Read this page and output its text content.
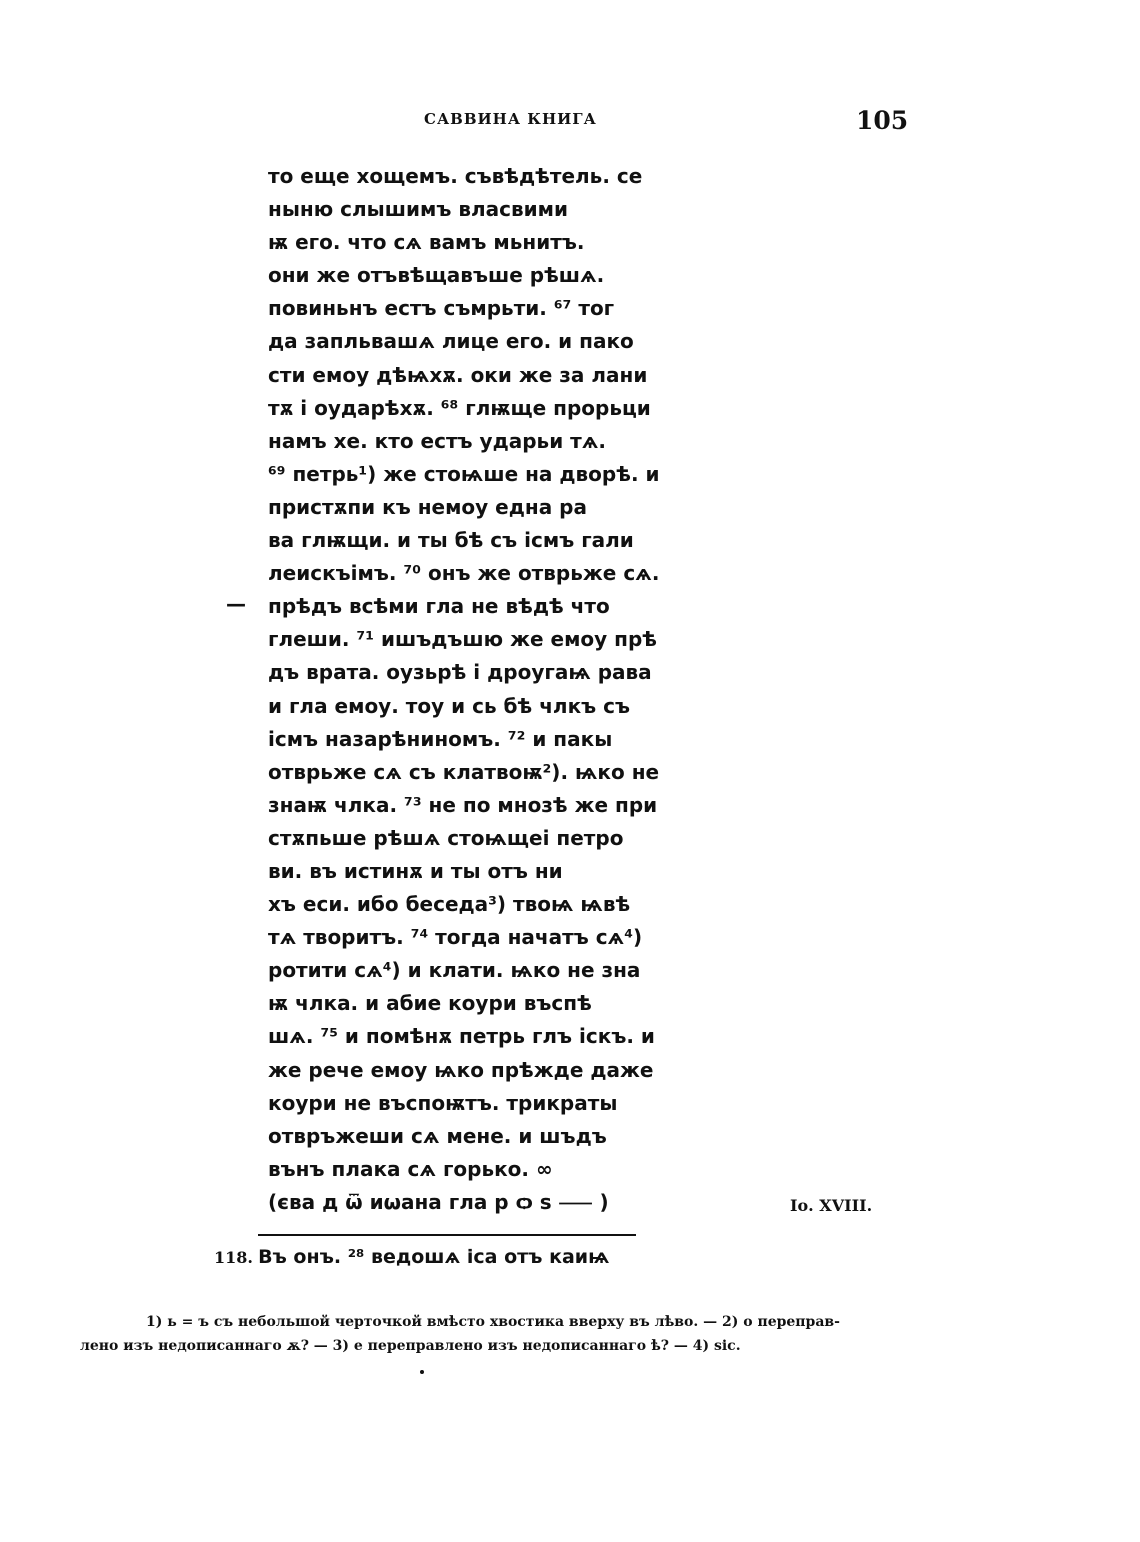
САВВИНА КНИГА	105
—
то еще хощемъ. съвѣдѣтель. се
ныню слышимъ власвими
ѭ его. что сѧ вамъ мьнитъ.
они же отъвѣщавъше рѣшѧ.
повиньнъ естъ съмрьти. ⁶⁷ тог
да запльвашѧ лице его. и пако
сти емоу дѣѩхѫ. оки же за лани
тѫ і оударѣхѫ. ⁶⁸ глѭще прорьци
намъ хе. кто естъ ударьи тѧ.
⁶⁹ петрь¹) же стоѩше на дворѣ. и
пристѫпи къ немоу една ра
ва глѭщи. и ты бѣ съ ісмъ гали
леискъімъ. ⁷⁰ онъ же отврьже сѧ.
прѣдъ всѣми гла не вѣдѣ что
глеши. ⁷¹ ишъдъшю же емоу прѣ
дъ врата. оузьрѣ і дроугаѩ рава
и гла емоу. тоу и сь бѣ члкъ съ
ісмъ назарѣниномъ. ⁷² и пакы
отврьже сѧ съ клатвоѭ²). ѩко не
знаѭ члка. ⁷³ не по мнозѣ же при
стѫпьше рѣшѧ стоѩщеі петро
ви. въ истинѫ и ты отъ ни
хъ еси. ибо беседа³) твоѩ ѩвѣ
тѧ творитъ. ⁷⁴ тогда начатъ сѧ⁴)
ротити сѧ⁴) и клати. ѩко не зна
ѭ члка. и абие коури въспѣ
шѧ. ⁷⁵ и помѣнѫ петрь глъ іскъ. и
же рече емоу ѩко прѣжде даже
коури не въспоѭтъ. трикраты
отвръжеши сѧ мене. и шъдъ
вънъ плака сѧ горько. ∞
(єва д ѿ иωана гла р ѻ ѕ ⸺ )	Іо. XVIII.
118. Въ онъ. ²⁸ ведошѧ іса отъ каиѩ
1) ь = ъ съ небольшой черточкой вмѣсто хвостика вверху въ лѣво. — 2) о переправ-
лено изъ недописаннаго ѫ? — 3) е переправлено изъ недописаннаго ѣ? — 4) sic.
